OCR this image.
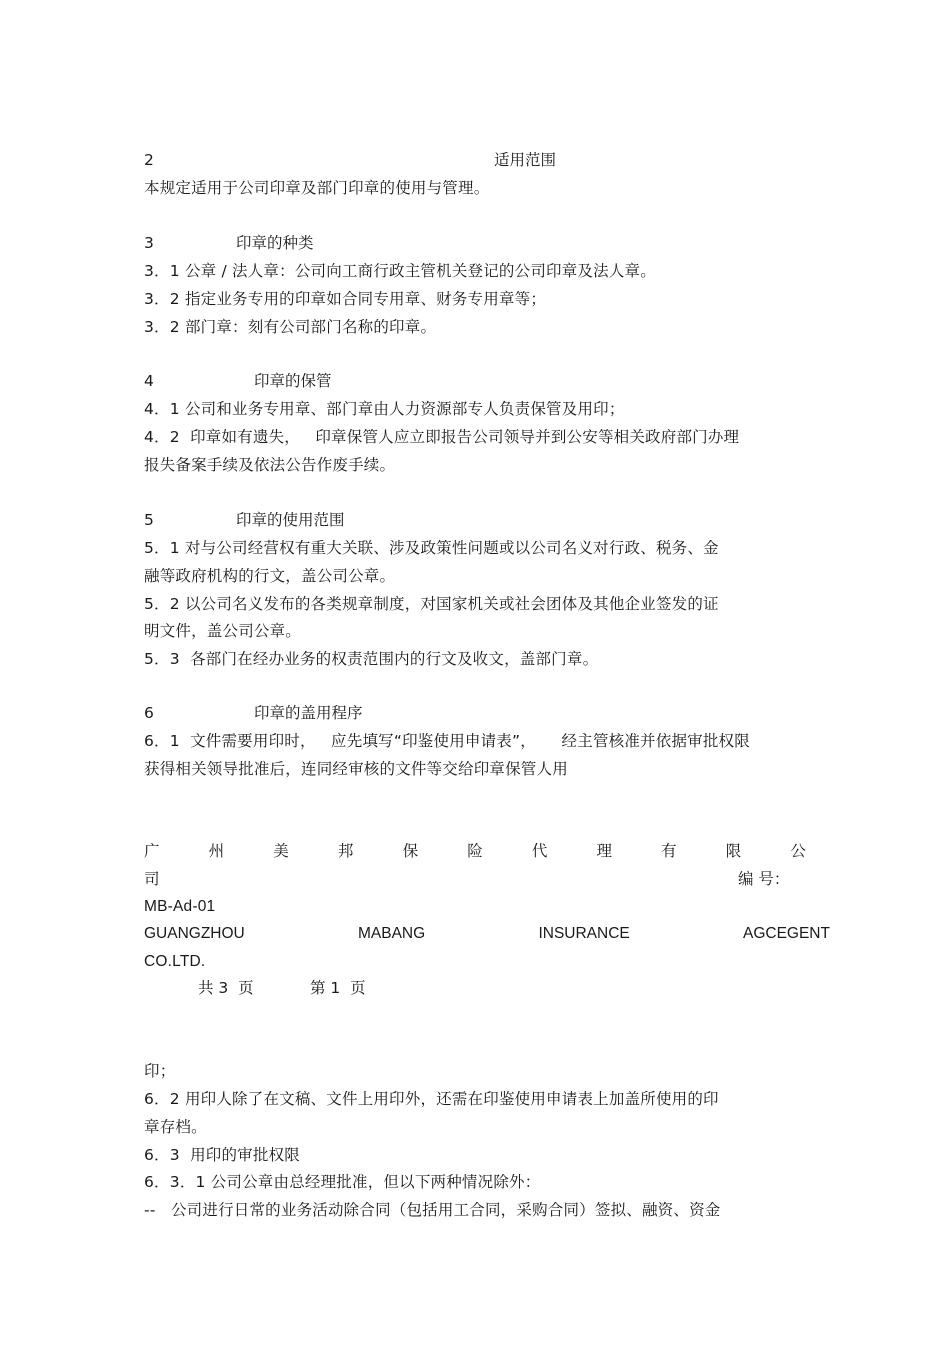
2	适用范围
本规定适用于公司印章及部门印章的使用与管理。
3	印章的种类
3．1 公章 / 法人章：公司向工商行政主管机关登记的公司印章及法人章。
3．2 指定业务专用的印章如合同专用章、财务专用章等；
3．2 部门章：刻有公司部门名称的印章。
4	印章的保管
4．1 公司和业务专用章、部门章由人力资源部专人负责保管及用印；
4．2  印章如有遗失，   印章保管人应立即报告公司领导并到公安等相关政府部门办理
报失备案手续及依法公告作废手续。
5	印章的使用范围
5．1 对与公司经营权有重大关联、涉及政策性问题或以公司名义对行政、税务、金
融等政府机构的行文，盖公司公章。
5．2 以公司名义发布的各类规章制度，对国家机关或社会团体及其他企业签发的证
明文件，盖公司公章。
5．3  各部门在经办业务的权责范围内的行文及收文，盖部门章。
6	印章的盖用程序
6．1  文件需要用印时，   应先填写“印鉴使用申请表”，     经主管核准并依据审批权限
获得相关领导批准后，连同经审核的文件等交给印章保管人用
广	州	美	邦	保	险	代	理	有	限	公
司	编 号：
MB-Ad-01
GUANGZHOU	MABANG	INSURANCE	AGCEGENT
CO.LTD.
共 3  页	第 1  页
印；
6．2 用印人除了在文稿、文件上用印外，还需在印鉴使用申请表上加盖所使用的印
章存档。
6．3  用印的审批权限
6．3．1 公司公章由总经理批准，但以下两种情况除外：
--   公司进行日常的业务活动除合同（包括用工合同，采购合同）签拟、融资、资金
